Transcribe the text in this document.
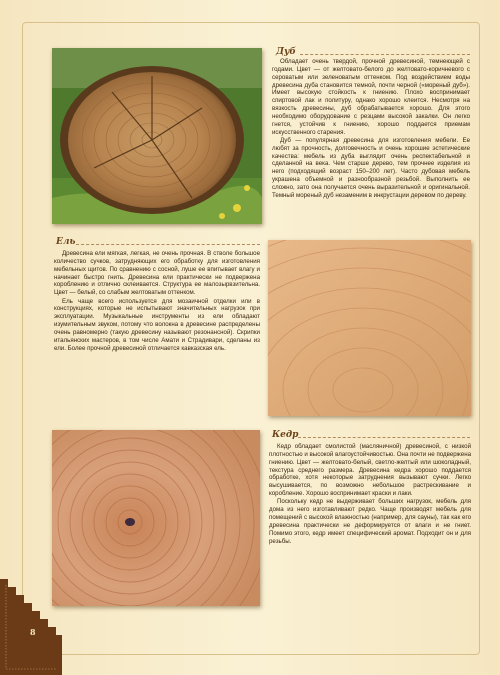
Дуб

Обладает очень твердой, прочной древесиной, темнеющей с годами. Цвет — от желтовато-белого до желтовато-коричневого с сероватым или зеленоватым оттенком. Под воздействием воды древесина дуба становится темной, почти черной («мореный дуб»). Имеет высокую стойкость к гниению. Плохо воспринимает спиртовой лак и политуру, однако хорошо клеится. Несмотря на вязкость древесины, дуб обрабатывается хорошо. Для этого необходимо оборудование с резцами высокой закалки. Он легко гнется, устойчив к гниению, хорошо поддается приемам искусственного старения.

Дуб — популярная древесина для изготовления мебели. Ее любят за прочность, долговечность и очень хорошие эстетические качества: мебель из дуба выглядит очень респектабельной и сделанной на века. Чем старше дерево, тем прочнее изделия из него (подходящий возраст 150–200 лет). Часто дубовая мебель украшена объемной и разнообразной резьбой. Выполнить ее сложно, зато она получается очень выразительной и оригинальной. Темный мореный дуб незаменим в инкрустации деревом по дереву.

Ель

Древесина ели мягкая, легкая, не очень прочная. В стволе большое количество сучков, затрудняющих его обработку для изготовления мебельных щитов. По сравнению с сосной, луше ее впитывает влагу и начинает быстро гнить. Древесина ели практически не подвержена короблению и отлично склеивается. Структура ее малозырвзительна. Цвет — белый, со слабым желтоватым оттенком.

Ель чаще всего используется для мозаичной отделки или в конструкциях, которые не испытывают значительных нагрузок при эксплуатации. Музыкальные инструменты из ели обладают изумительным звуком, потому что волокна в древесине распределены очень равномерно (такую древесину называют резонансной). Скрипки итальянских мастеров, в том числе Амати и Страдивари, сделаны из ели. Более прочной древесиной отличается кавказская ель.

Кедр

Кедр обладает смолистой (масляничной) древесиной, с низкой плотностью и высокой влагоустойчивостью. Она почти не подвержена гниению. Цвет — желтовато-белый, светло-желтый или шоколадный, текстура среднего размера. Древесина кедра хорошо поддается обработке, хотя некоторые затруднения вызывают сучки. Легко высушивается, по возможно небольшое растрескивание и коробление. Хорошо воспринимает краски и лаки.

Поскольку кедр не выдерживает больших нагрузок, мебель для дома из него изготавливают редко. Чаще производят мебель для помещений с высокой влажностью (например, для сауны), так как его древесина практически не деформируется от влаги и не гниет. Помимо этого, кедр имеет специфический аромат. Подходит он и для резьбы.

8
